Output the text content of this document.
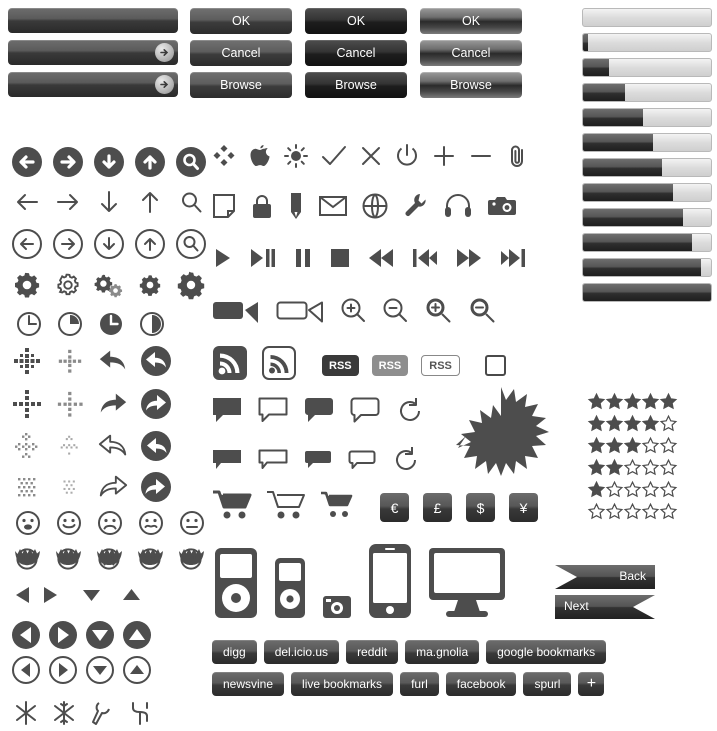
OK
Cancel
Browse
OK
Cancel
Browse
OK
Cancel
Browse
RSS	RSS	RSS
€	£	$	¥
Back
Next
digg	del.icio.us	reddit	ma.gnolia	google bookmarks
newsvine	live bookmarks	furl	facebook	spurl	+
